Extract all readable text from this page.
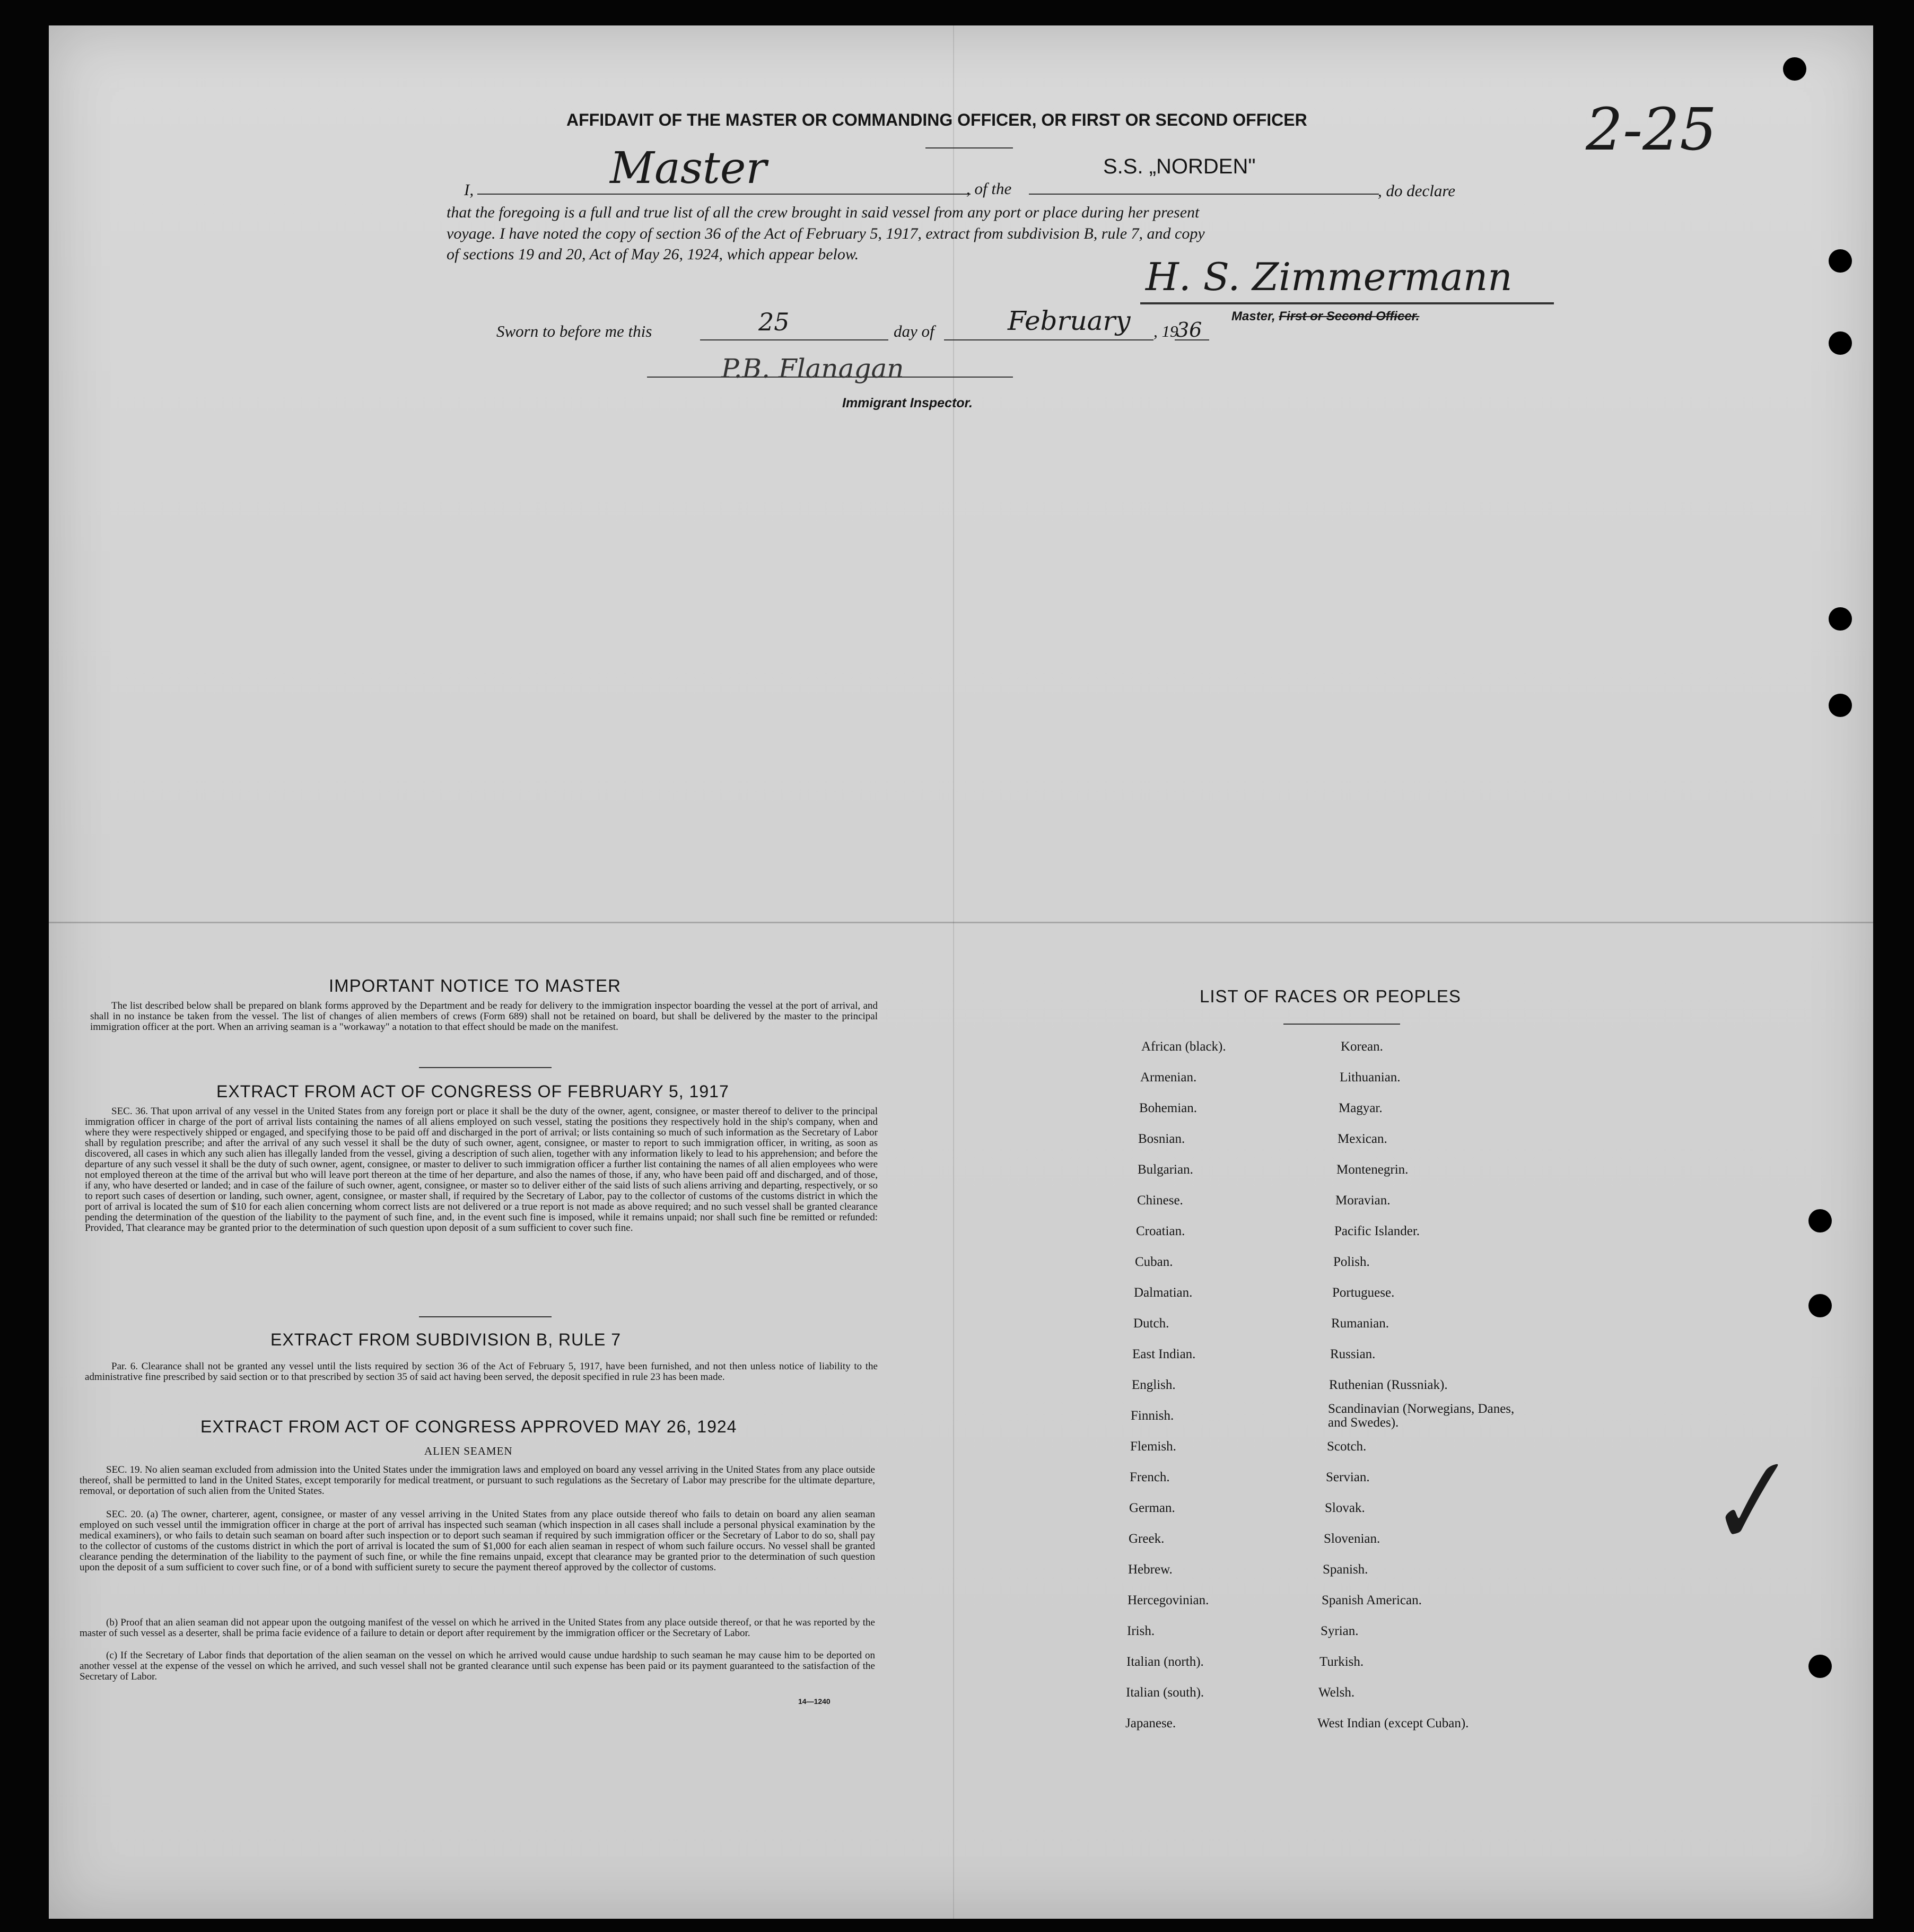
AFFIDAVIT OF THE MASTER OR COMMANDING OFFICER, OR FIRST OR SECOND OFFICER
I,	Master	, of the
S.S. „NORDEN"
, do declare
that the foregoing is a full and true list of all the crew brought in said vessel from any port or place during her present
voyage. I have noted the copy of section 36 of the Act of February 5, 1917, extract from subdivision B, rule 7, and copy
of sections 19 and 20, Act of May 26, 1924, which appear below.
H. S. Zimmermann
Master, First or Second Officer.
Sworn to before me this	25	day of	February , 19
36
P.B. Flanagan
Immigrant Inspector.
2-25
✓
IMPORTANT NOTICE TO MASTER
The list described below shall be prepared on blank forms approved by the Department and be ready for delivery to the immigration inspector boarding the vessel at the port of arrival, and shall in no instance be taken from the vessel. The list of changes of alien members of crews (Form 689) shall not be retained on board, but shall be delivered by the master to the principal immigration officer at the port. When an arriving seaman is a "workaway" a notation to that effect should be made on the manifest.
EXTRACT FROM ACT OF CONGRESS OF FEBRUARY 5, 1917
SEC. 36. That upon arrival of any vessel in the United States from any foreign port or place it shall be the duty of the owner, agent, consignee, or master thereof to deliver to the principal immigration officer in charge of the port of arrival lists containing the names of all aliens employed on such vessel, stating the positions they respectively hold in the ship's company, when and where they were respectively shipped or engaged, and specifying those to be paid off and discharged in the port of arrival; or lists containing so much of such information as the Secretary of Labor shall by regulation prescribe; and after the arrival of any such vessel it shall be the duty of such owner, agent, consignee, or master to report to such immigration officer, in writing, as soon as discovered, all cases in which any such alien has illegally landed from the vessel, giving a description of such alien, together with any information likely to lead to his apprehension; and before the departure of any such vessel it shall be the duty of such owner, agent, consignee, or master to deliver to such immigration officer a further list containing the names of all alien employees who were not employed thereon at the time of the arrival but who will leave port thereon at the time of her departure, and also the names of those, if any, who have been paid off and discharged, and of those, if any, who have deserted or landed; and in case of the failure of such owner, agent, consignee, or master so to deliver either of the said lists of such aliens arriving and departing, respectively, or so to report such cases of desertion or landing, such owner, agent, consignee, or master shall, if required by the Secretary of Labor, pay to the collector of customs of the customs district in which the port of arrival is located the sum of $10 for each alien concerning whom correct lists are not delivered or a true report is not made as above required; and no such vessel shall be granted clearance pending the determination of the question of the liability to the payment of such fine, and, in the event such fine is imposed, while it remains unpaid; nor shall such fine be remitted or refunded: Provided, That clearance may be granted prior to the determination of such question upon deposit of a sum sufficient to cover such fine.
EXTRACT FROM SUBDIVISION B, RULE 7
Par. 6. Clearance shall not be granted any vessel until the lists required by section 36 of the Act of February 5, 1917, have been furnished, and not then unless notice of liability to the administrative fine prescribed by said section or to that prescribed by section 35 of said act having been served, the deposit specified in rule 23 has been made.
EXTRACT FROM ACT OF CONGRESS APPROVED MAY 26, 1924
ALIEN SEAMEN
SEC. 19. No alien seaman excluded from admission into the United States under the immigration laws and employed on board any vessel arriving in the United States from any place outside thereof, shall be permitted to land in the United States, except temporarily for medical treatment, or pursuant to such regulations as the Secretary of Labor may prescribe for the ultimate departure, removal, or deportation of such alien from the United States.
SEC. 20. (a) The owner, charterer, agent, consignee, or master of any vessel arriving in the United States from any place outside thereof who fails to detain on board any alien seaman employed on such vessel until the immigration officer in charge at the port of arrival has inspected such seaman (which inspection in all cases shall include a personal physical examination by the medical examiners), or who fails to detain such seaman on board after such inspection or to deport such seaman if required by such immigration officer or the Secretary of Labor to do so, shall pay to the collector of customs of the customs district in which the port of arrival is located the sum of $1,000 for each alien seaman in respect of whom such failure occurs. No vessel shall be granted clearance pending the determination of the liability to the payment of such fine, or while the fine remains unpaid, except that clearance may be granted prior to the determination of such question upon the deposit of a sum sufficient to cover such fine, or of a bond with sufficient surety to secure the payment thereof approved by the collector of customs.
(b) Proof that an alien seaman did not appear upon the outgoing manifest of the vessel on which he arrived in the United States from any place outside thereof, or that he was reported by the master of such vessel as a deserter, shall be prima facie evidence of a failure to detain or deport after requirement by the immigration officer or the Secretary of Labor.
(c) If the Secretary of Labor finds that deportation of the alien seaman on the vessel on which he arrived would cause undue hardship to such seaman he may cause him to be deported on another vessel at the expense of the vessel on which he arrived, and such vessel shall not be granted clearance until such expense has been paid or its payment guaranteed to the satisfaction of the Secretary of Labor.
14—1240
LIST OF RACES OR PEOPLES
African (black).
Armenian.
Bohemian.
Bosnian.
Bulgarian.
Chinese.
Croatian.
Cuban.
Dalmatian.
Dutch.
East Indian.
English.
Finnish.
Flemish.
French.
German.
Greek.
Hebrew.
Hercegovinian.
Irish.
Italian (north).
Italian (south).
Japanese.
Korean.
Lithuanian.
Magyar.
Mexican.
Montenegrin.
Moravian.
Pacific Islander.
Polish.
Portuguese.
Rumanian.
Russian.
Ruthenian (Russniak).
Scandinavian (Norwegians, Danes, and Swedes).
Scotch.
Servian.
Slovak.
Slovenian.
Spanish.
Spanish American.
Syrian.
Turkish.
Welsh.
West Indian (except Cuban).
